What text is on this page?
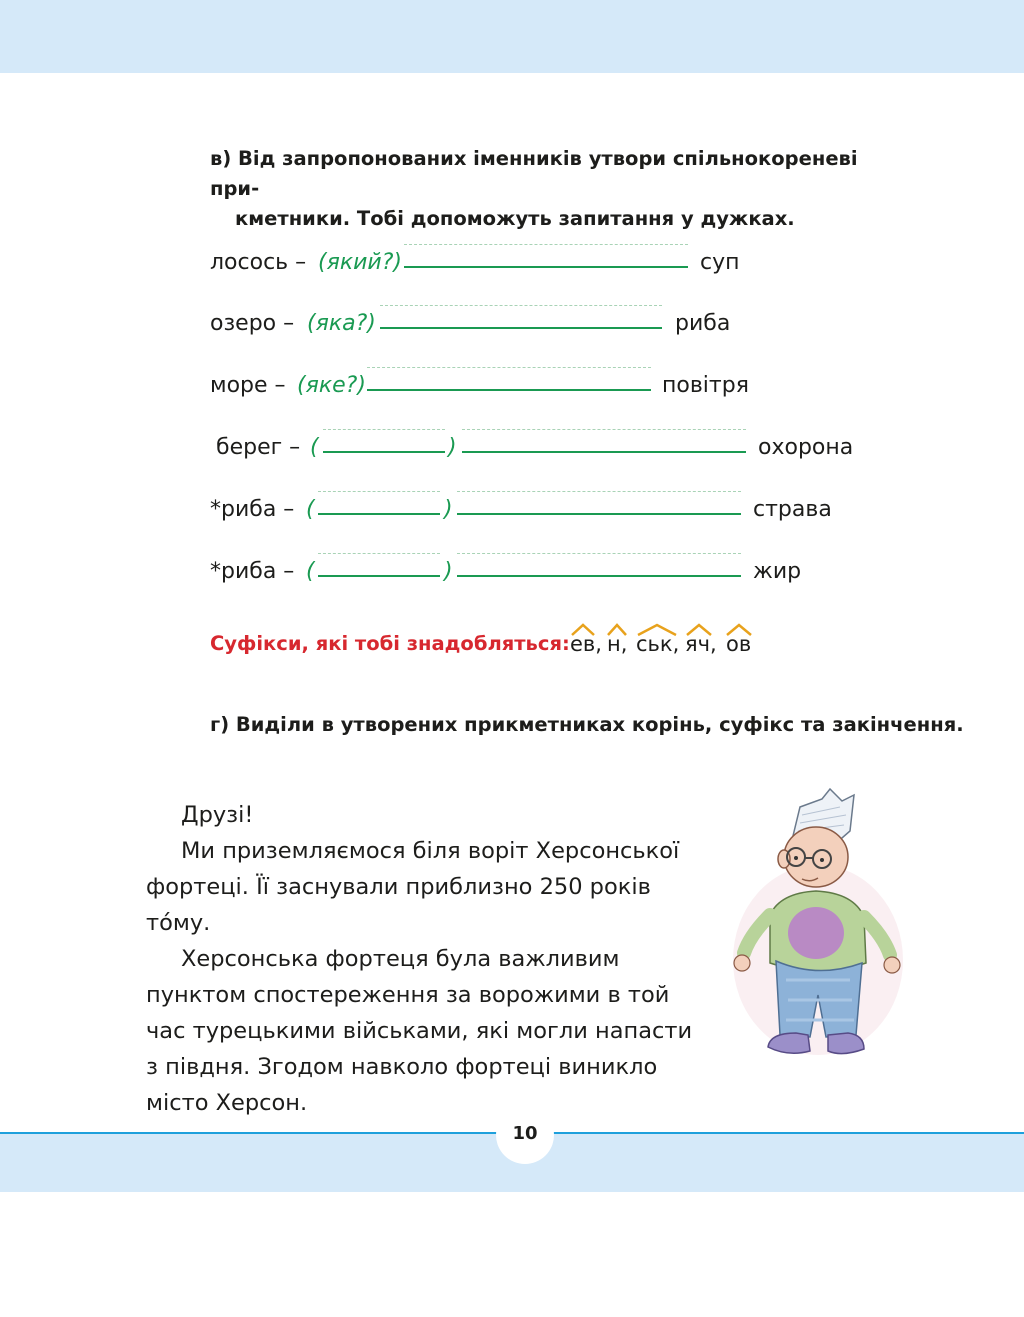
в) Від запропонованих іменників утвори спільнокореневі при-
кметники. Тобі допоможуть запитання у дужках.
лосось – (який?)	суп
озеро – (яка?)	риба
море – (яке?)	повітря
берег – (	)	охорона
*риба – (	)	страва
*риба – (	)	жир
Суфікси, які тобі знадобляться: ев, н, ськ, яч, ов
г) Виділи в утворених прикметниках корінь, суфікс та закінчення.

Друзі!

Ми приземляємося біля воріт Херсонської фортеці. Її заснували приблизно 250 років тóму.

Херсонська фортеця була важливим пунктом спостереження за ворожими в той час турецькими військами, які могли напасти з півдня. Згодом навколо фортеці виникло місто Херсон.

10
